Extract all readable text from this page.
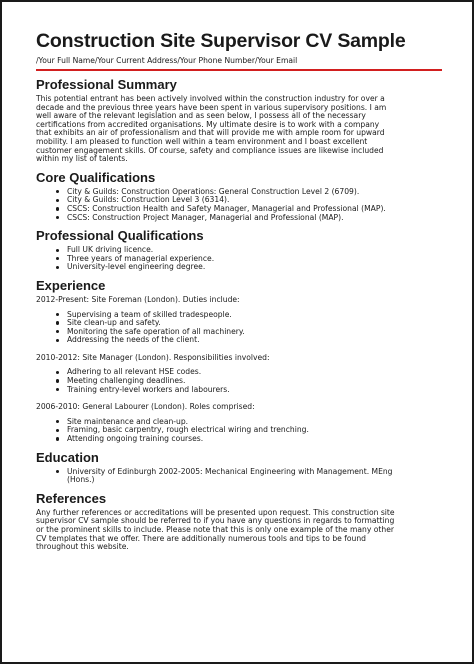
Construction Site Supervisor CV Sample
/Your Full Name/Your Current Address/Your Phone Number/Your Email
Professional Summary

This potential entrant has been actively involved within the construction industry for over a
decade and the previous three years have been spent in various supervisory positions. I am
well aware of the relevant legislation and as seen below, I possess all of the necessary
certifications from accredited organisations. My ultimate desire is to work with a company
that exhibits an air of professionalism and that will provide me with ample room for upward
mobility. I am pleased to function well within a team environment and I boast excellent
customer engagement skills. Of course, safety and compliance issues are likewise included
within my list of talents.

Core Qualifications
City & Guilds: Construction Operations: General Construction Level 2 (6709).
City & Guilds: Construction Level 3 (6314).
CSCS: Construction Health and Safety Manager, Managerial and Professional (MAP).
CSCS: Construction Project Manager, Managerial and Professional (MAP).
Professional Qualifications
Full UK driving licence.
Three years of managerial experience.
University-level engineering degree.
Experience
2012-Present: Site Foreman (London). Duties include:
Supervising a team of skilled tradespeople.
Site clean-up and safety.
Monitoring the safe operation of all machinery.
Addressing the needs of the client.
2010-2012: Site Manager (London). Responsibilities involved:
Adhering to all relevant HSE codes.
Meeting challenging deadlines.
Training entry-level workers and labourers.
2006-2010: General Labourer (London). Roles comprised:
Site maintenance and clean-up.
Framing, basic carpentry, rough electrical wiring and trenching.
Attending ongoing training courses.
Education
University of Edinburgh 2002-2005: Mechanical Engineering with Management. MEng
(Hons.)
References

Any further references or accreditations will be presented upon request. This construction site
supervisor CV sample should be referred to if you have any questions in regards to formatting
or the prominent skills to include. Please note that this is only one example of the many other
CV templates that we offer. There are additionally numerous tools and tips to be found
throughout this website.
